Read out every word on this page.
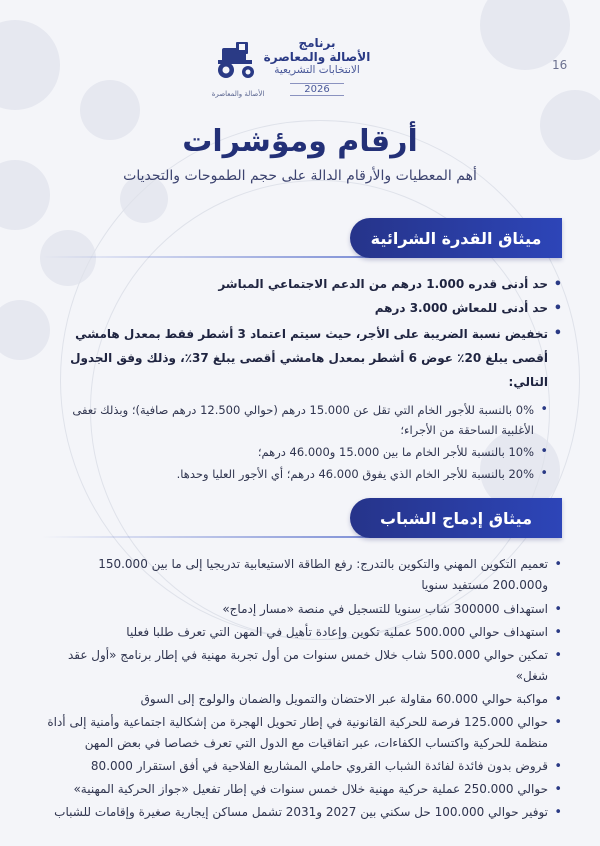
16
برنامج
الأصالة والمعاصرة
الانتخابات التشريعية
2026
الأصالة والمعاصرة
أرقام ومؤشرات
أهم المعطيات والأرقام الدالة على حجم الطموحات والتحديات
ميثاق القدرة الشرائية
• حد أدنى قدره 1.000 درهم من الدعم الاجتماعي المباشر
• حد أدنى للمعاش 3.000 درهم
• تخفيض نسبة الضريبة على الأجر، حيث سيتم اعتماد 3 أشطر فقط بمعدل هامشي أقصى يبلغ 20٪ عوض 6 أشطر بمعدل هامشي أقصى يبلغ 37٪، وذلك وفق الجدول التالي:
• 0% بالنسبة للأجور الخام التي تقل عن 15.000 درهم (حوالي 12.500 درهم صافية)؛ وبذلك تعفى الأغلبية الساحقة من الأجراء؛
• 10% بالنسبة للأجر الخام ما بين 15.000 و46.000 درهم؛
• 20% بالنسبة للأجر الخام الذي يفوق 46.000 درهم؛ أي الأجور العليا وحدها.
ميثاق إدماج الشباب
• تعميم التكوين المهني والتكوين بالتدرج: رفع الطاقة الاستيعابية تدريجيا إلى ما بين 150.000 و200.000 مستفيد سنويا
• استهداف 300000 شاب سنويا للتسجيل في منصة «مسار إدماج»
• استهداف حوالي 500.000 عملية تكوين وإعادة تأهيل في المهن التي تعرف طلبا فعليا
• تمكين حوالي 500.000 شاب خلال خمس سنوات من أول تجربة مهنية في إطار برنامج «أول عقد شغل»
• مواكبة حوالي 60.000 مقاولة عبر الاحتضان والتمويل والضمان والولوج إلى السوق
• حوالي 125.000 فرصة للحركية القانونية في إطار تحويل الهجرة من إشكالية اجتماعية وأمنية إلى أداة منظمة للحركية واكتساب الكفاءات، عبر اتفاقيات مع الدول التي تعرف خصاصا في بعض المهن
• قروض بدون فائدة لفائدة الشباب القروي حاملي المشاريع الفلاحية في أفق استقرار 80.000
• حوالي 250.000 عملية حركية مهنية خلال خمس سنوات في إطار تفعيل «جواز الحركية المهنية»
• توفير حوالي 100.000 حل سكني بين 2027 و2031 تشمل مساكن إيجارية صغيرة وإقامات للشباب
